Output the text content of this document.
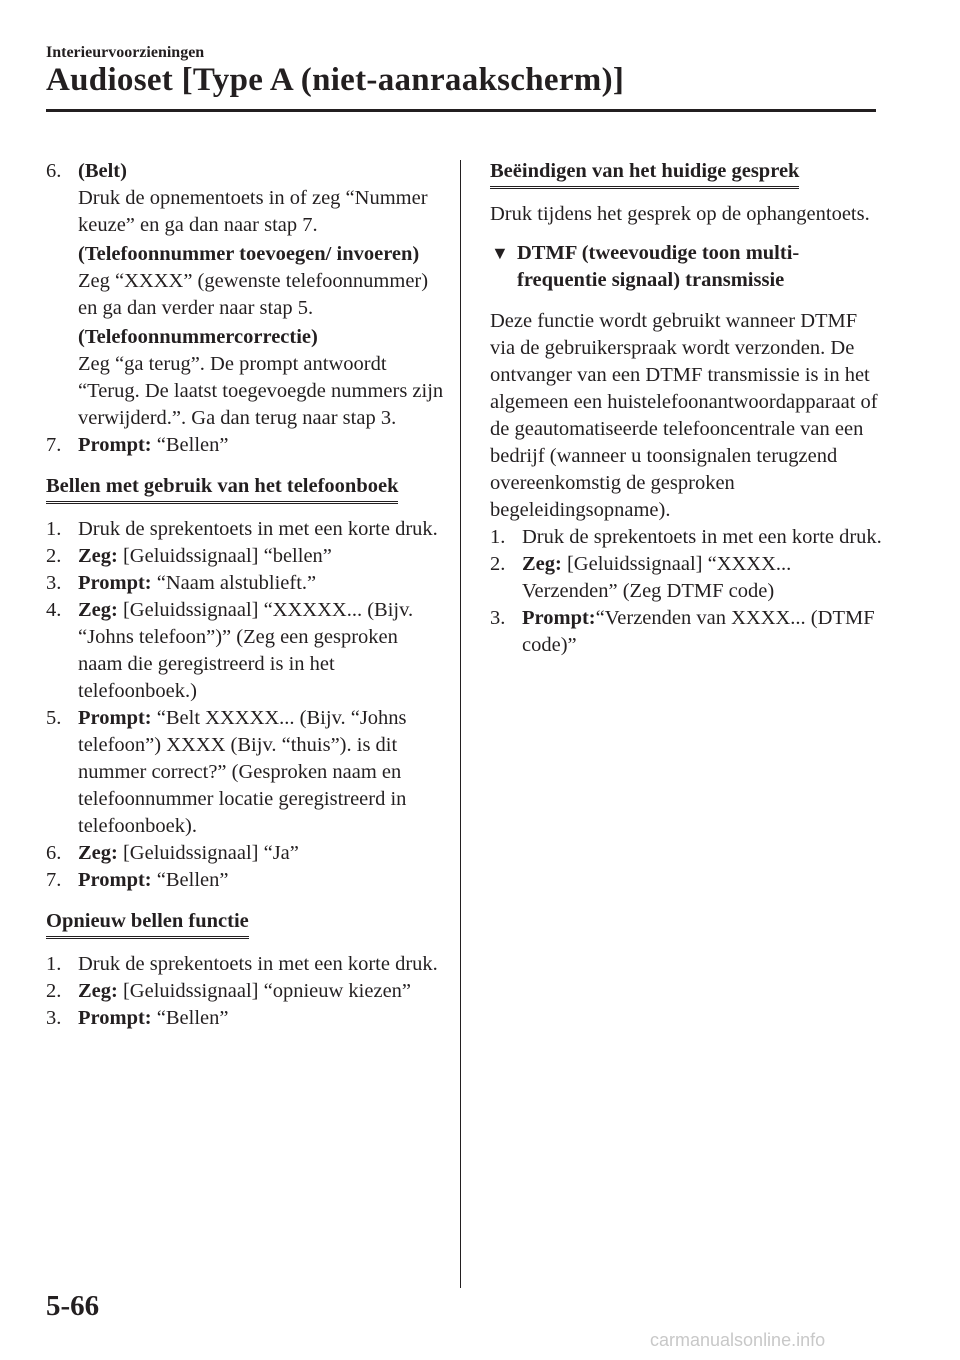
Interieurvoorzieningen
Audioset [Type A (niet-aanraakscherm)]
6. (Belt)
Druk de opnementoets in of zeg “Nummer keuze” en ga dan naar stap 7.
(Telefoonnummer toevoegen/ invoeren)
Zeg “XXXX” (gewenste telefoonnummer) en ga dan verder naar stap 5.
(Telefoonnummercorrectie)
Zeg “ga terug”. De prompt antwoordt “Terug. De laatst toegevoegde nummers zijn verwijderd.”. Ga dan terug naar stap 3.
7. Prompt: “Bellen”
Bellen met gebruik van het telefoonboek
1. Druk de sprekentoets in met een korte druk.
2. Zeg: [Geluidssignaal] “bellen”
3. Prompt: “Naam alstublieft.”
4. Zeg: [Geluidssignaal] “XXXXX... (Bijv. “Johns telefoon”)” (Zeg een gesproken naam die geregistreerd is in het telefoonboek.)
5. Prompt: “Belt XXXXX... (Bijv. “Johns telefoon”) XXXX (Bijv. “thuis”). is dit nummer correct?” (Gesproken naam en telefoonnummer locatie geregistreerd in telefoonboek).
6. Zeg: [Geluidssignaal] “Ja”
7. Prompt: “Bellen”
Opnieuw bellen functie
1. Druk de sprekentoets in met een korte druk.
2. Zeg: [Geluidssignaal] “opnieuw kiezen”
3. Prompt: “Bellen”
Beëindigen van het huidige gesprek

Druk tijdens het gesprek op de ophangentoets.

▼ DTMF (tweevoudige toon multi-frequentie signaal) transmissie

Deze functie wordt gebruikt wanneer DTMF via de gebruikerspraak wordt verzonden. De ontvanger van een DTMF transmissie is in het algemeen een huistelefoonantwoordapparaat of de geautomatiseerde telefooncentrale van een bedrijf (wanneer u toonsignalen terugzend overeenkomstig de gesproken begeleidingsopname).

1. Druk de sprekentoets in met een korte druk.
2. Zeg: [Geluidssignaal] “XXXX... Verzenden” (Zeg DTMF code)
3. Prompt:“Verzenden van XXXX... (DTMF code)”
5-66
carmanualsonline.info
